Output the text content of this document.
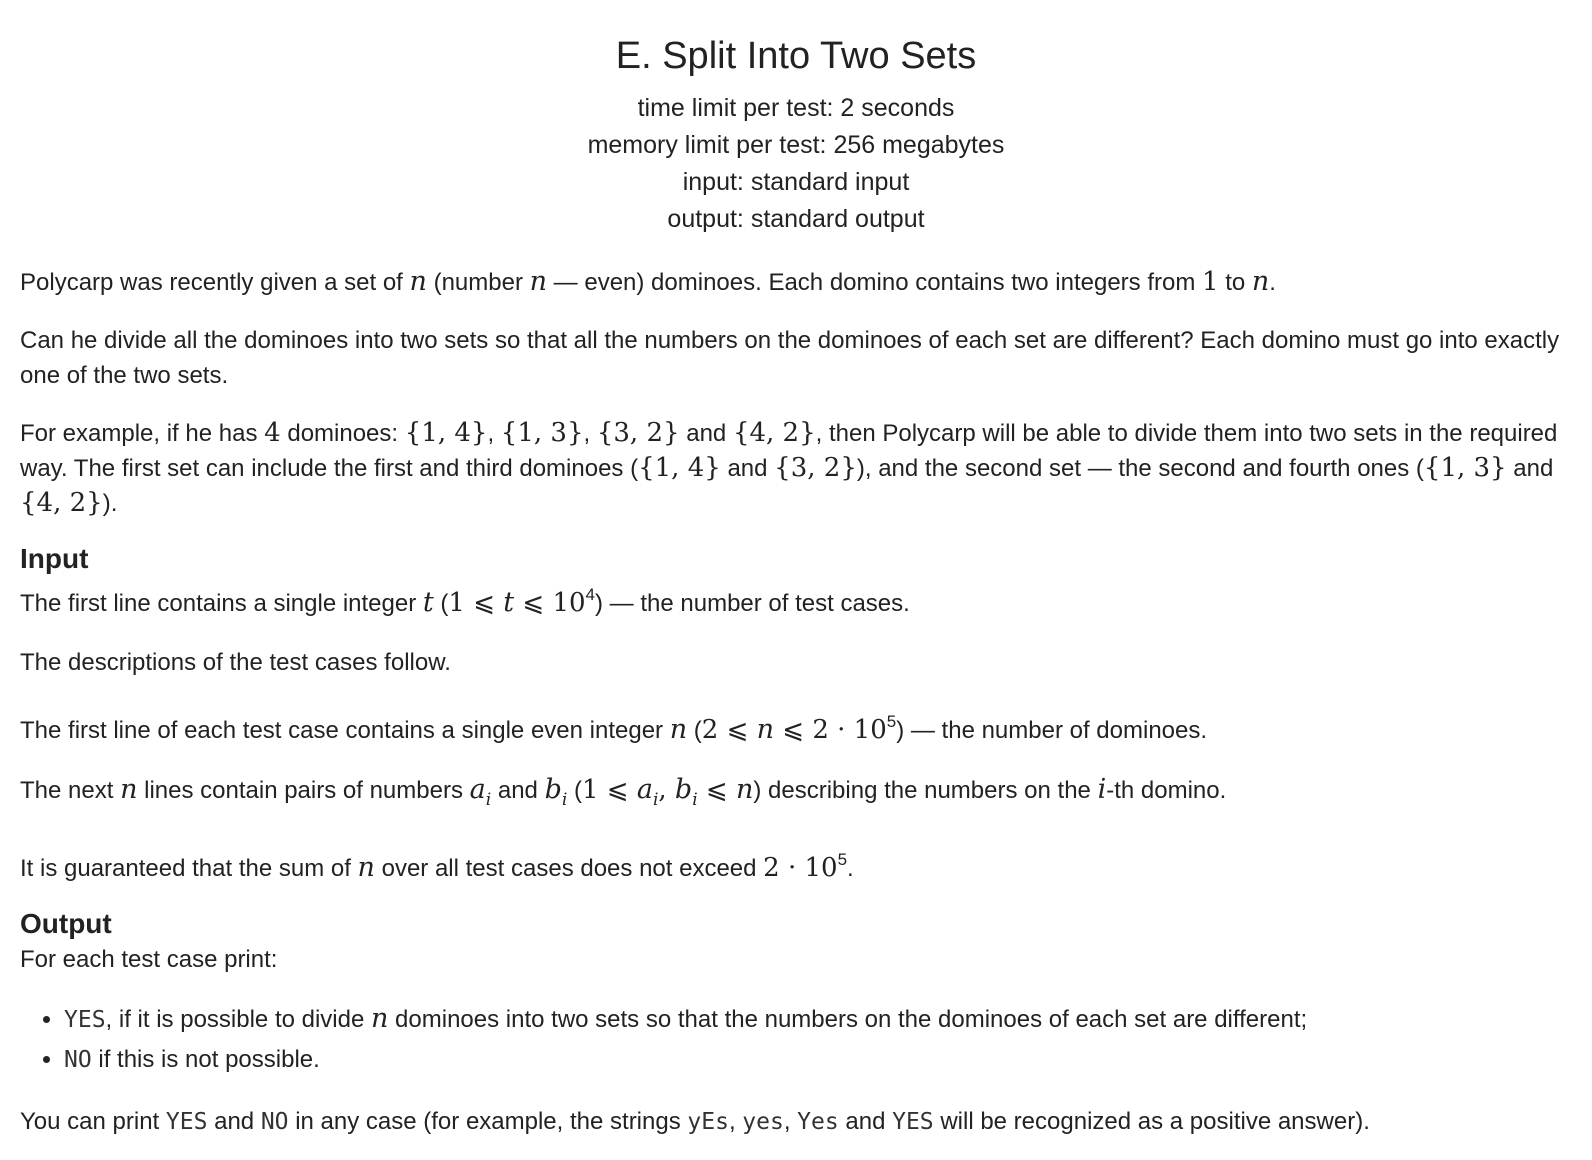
E. Split Into Two Sets
time limit per test: 2 seconds
memory limit per test: 256 megabytes
input: standard input
output: standard output

Polycarp was recently given a set of n (number n — even) dominoes. Each domino contains two integers from 1 to n.

Can he divide all the dominoes into two sets so that all the numbers on the dominoes of each set are different? Each domino must go into exactly one of the two sets.

For example, if he has 4 dominoes: {1, 4}, {1, 3}, {3, 2} and {4, 2}, then Polycarp will be able to divide them into two sets in the required way. The first set can include the first and third dominoes ({1, 4} and {3, 2}), and the second set — the second and fourth ones ({1, 3} and {4, 2}).

Input

The first line contains a single integer t (1 ⩽ t ⩽ $10^4$) — the number of test cases.

The descriptions of the test cases follow.

The first line of each test case contains a single even integer n (2 ⩽ n ⩽ $2 \cdot 10^5$) — the number of dominoes.

The next n lines contain pairs of numbers $a_i$ and $b_i$ (1 ⩽ $a_i$, $b_i$ ⩽ n) describing the numbers on the i-th domino.

It is guaranteed that the sum of n over all test cases does not exceed $2 \cdot 10^5$.

Output

For each test case print:

• YES, if it is possible to divide n dominoes into two sets so that the numbers on the dominoes of each set are different;
• NO if this is not possible.

You can print YES and NO in any case (for example, the strings yEs, yes, Yes and YES will be recognized as a positive answer).
